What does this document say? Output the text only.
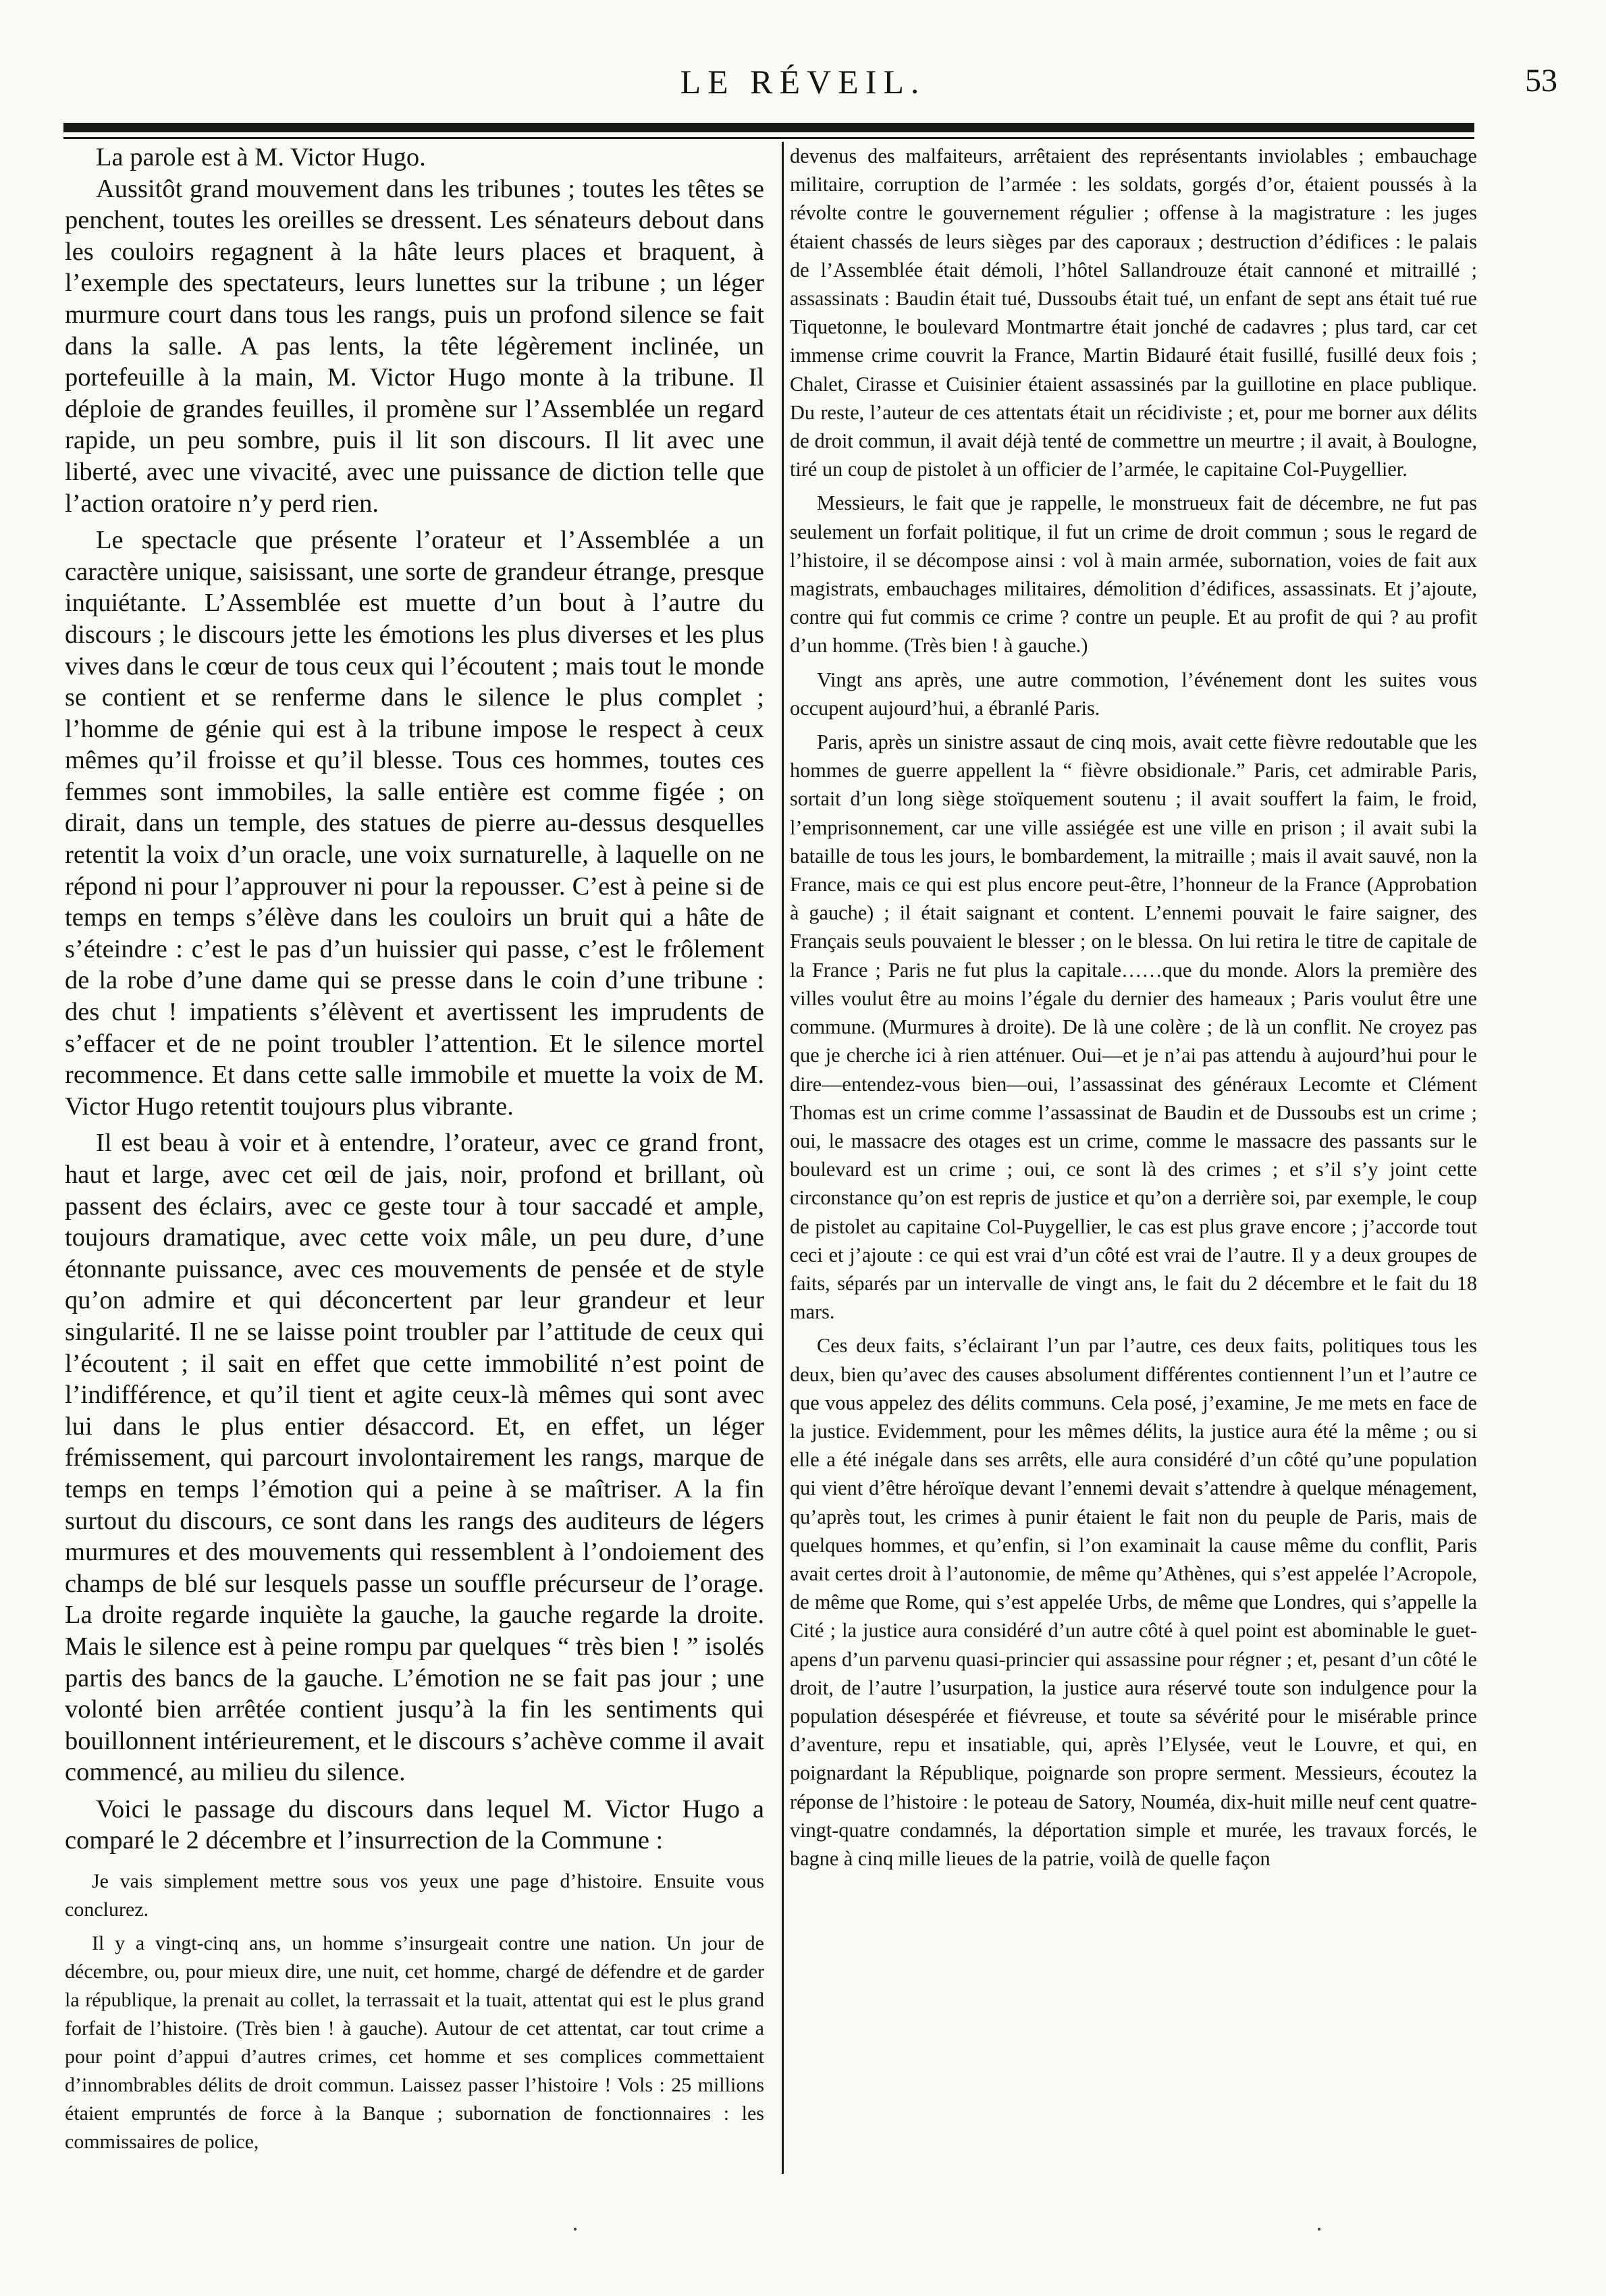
LE RÉVEIL.	53

La parole est à M. Victor Hugo.

Aussitôt grand mouvement dans les tribunes ; toutes les têtes se penchent, toutes les oreilles se dressent. Les sénateurs debout dans les couloirs regagnent à la hâte leurs places et braquent, à l’exemple des spectateurs, leurs lunettes sur la tribune ; un léger murmure court dans tous les rangs, puis un profond silence se fait dans la salle. A pas lents, la tête légèrement inclinée, un portefeuille à la main, M. Victor Hugo monte à la tribune. Il déploie de grandes feuilles, il promène sur l’Assemblée un regard rapide, un peu sombre, puis il lit son discours. Il lit avec une liberté, avec une vivacité, avec une puissance de diction telle que l’action oratoire n’y perd rien.

Le spectacle que présente l’orateur et l’Assemblée a un caractère unique, saisissant, une sorte de grandeur étrange, presque inquiétante. L’Assemblée est muette d’un bout à l’autre du discours ; le discours jette les émotions les plus diverses et les plus vives dans le cœur de tous ceux qui l’écoutent ; mais tout le monde se contient et se renferme dans le silence le plus complet ; l’homme de génie qui est à la tribune impose le respect à ceux mêmes qu’il froisse et qu’il blesse. Tous ces hommes, toutes ces femmes sont immobiles, la salle entière est comme figée ; on dirait, dans un temple, des statues de pierre au-dessus desquelles retentit la voix d’un oracle, une voix surnaturelle, à laquelle on ne répond ni pour l’approuver ni pour la repousser. C’est à peine si de temps en temps s’élève dans les couloirs un bruit qui a hâte de s’éteindre : c’est le pas d’un huissier qui passe, c’est le frôlement de la robe d’une dame qui se presse dans le coin d’une tribune : des chut ! impatients s’élèvent et avertissent les imprudents de s’effacer et de ne point troubler l’attention. Et le silence mortel recommence. Et dans cette salle immobile et muette la voix de M. Victor Hugo retentit toujours plus vibrante.

Il est beau à voir et à entendre, l’orateur, avec ce grand front, haut et large, avec cet œil de jais, noir, profond et brillant, où passent des éclairs, avec ce geste tour à tour saccadé et ample, toujours dramatique, avec cette voix mâle, un peu dure, d’une étonnante puissance, avec ces mouvements de pensée et de style qu’on admire et qui déconcertent par leur grandeur et leur singularité. Il ne se laisse point troubler par l’attitude de ceux qui l’écoutent ; il sait en effet que cette immobilité n’est point de l’indifférence, et qu’il tient et agite ceux-là mêmes qui sont avec lui dans le plus entier désaccord. Et, en effet, un léger frémissement, qui parcourt involontairement les rangs, marque de temps en temps l’émotion qui a peine à se maîtriser. A la fin surtout du discours, ce sont dans les rangs des auditeurs de légers murmures et des mouvements qui ressemblent à l’ondoiement des champs de blé sur lesquels passe un souffle précurseur de l’orage. La droite regarde inquiète la gauche, la gauche regarde la droite. Mais le silence est à peine rompu par quelques “ très bien ! ” isolés partis des bancs de la gauche. L’émotion ne se fait pas jour ; une volonté bien arrêtée contient jusqu’à la fin les sentiments qui bouillonnent intérieurement, et le discours s’achève comme il avait commencé, au milieu du silence.

Voici le passage du discours dans lequel M. Victor Hugo a comparé le 2 décembre et l’insurrection de la Commune :

Je vais simplement mettre sous vos yeux une page d’histoire. Ensuite vous conclurez.

Il y a vingt-cinq ans, un homme s’insurgeait contre une nation. Un jour de décembre, ou, pour mieux dire, une nuit, cet homme, chargé de défendre et de garder la république, la prenait au collet, la terrassait et la tuait, attentat qui est le plus grand forfait de l’histoire. (Très bien ! à gauche). Autour de cet attentat, car tout crime a pour point d’appui d’autres crimes, cet homme et ses complices commettaient d’innombrables délits de droit commun. Laissez passer l’histoire ! Vols : 25 millions étaient empruntés de force à la Banque ; subornation de fonctionnaires : les commissaires de police,

devenus des malfaiteurs, arrêtaient des représentants inviolables ; embauchage militaire, corruption de l’armée : les soldats, gorgés d’or, étaient poussés à la révolte contre le gouvernement régulier ; offense à la magistrature : les juges étaient chassés de leurs sièges par des caporaux ; destruction d’édifices : le palais de l’Assemblée était démoli, l’hôtel Sallandrouze était cannoné et mitraillé ; assassinats : Baudin était tué, Dussoubs était tué, un enfant de sept ans était tué rue Tiquetonne, le boulevard Montmartre était jonché de cadavres ; plus tard, car cet immense crime couvrit la France, Martin Bidauré était fusillé, fusillé deux fois ; Chalet, Cirasse et Cuisinier étaient assassinés par la guillotine en place publique. Du reste, l’auteur de ces attentats était un récidiviste ; et, pour me borner aux délits de droit commun, il avait déjà tenté de commettre un meurtre ; il avait, à Boulogne, tiré un coup de pistolet à un officier de l’armée, le capitaine Col-Puygellier.

Messieurs, le fait que je rappelle, le monstrueux fait de décembre, ne fut pas seulement un forfait politique, il fut un crime de droit commun ; sous le regard de l’histoire, il se décompose ainsi : vol à main armée, subornation, voies de fait aux magistrats, embauchages militaires, démolition d’édifices, assassinats. Et j’ajoute, contre qui fut commis ce crime ? contre un peuple. Et au profit de qui ? au profit d’un homme. (Très bien ! à gauche.)

Vingt ans après, une autre commotion, l’événement dont les suites vous occupent aujourd’hui, a ébranlé Paris.

Paris, après un sinistre assaut de cinq mois, avait cette fièvre redoutable que les hommes de guerre appellent la “ fièvre obsidionale.” Paris, cet admirable Paris, sortait d’un long siège stoïquement soutenu ; il avait souffert la faim, le froid, l’emprisonnement, car une ville assiégée est une ville en prison ; il avait subi la bataille de tous les jours, le bombardement, la mitraille ; mais il avait sauvé, non la France, mais ce qui est plus encore peut-être, l’honneur de la France (Approbation à gauche) ; il était saignant et content. L’ennemi pouvait le faire saigner, des Français seuls pouvaient le blesser ; on le blessa. On lui retira le titre de capitale de la France ; Paris ne fut plus la capitale……que du monde. Alors la première des villes voulut être au moins l’égale du dernier des hameaux ; Paris voulut être une commune. (Murmures à droite). De là une colère ; de là un conflit. Ne croyez pas que je cherche ici à rien atténuer. Oui—et je n’ai pas attendu à aujourd’hui pour le dire—entendez-vous bien—oui, l’assassinat des généraux Lecomte et Clément Thomas est un crime comme l’assassinat de Baudin et de Dussoubs est un crime ; oui, le massacre des otages est un crime, comme le massacre des passants sur le boulevard est un crime ; oui, ce sont là des crimes ; et s’il s’y joint cette circonstance qu’on est repris de justice et qu’on a derrière soi, par exemple, le coup de pistolet au capitaine Col-Puygellier, le cas est plus grave encore ; j’accorde tout ceci et j’ajoute : ce qui est vrai d’un côté est vrai de l’autre. Il y a deux groupes de faits, séparés par un intervalle de vingt ans, le fait du 2 décembre et le fait du 18 mars.

Ces deux faits, s’éclairant l’un par l’autre, ces deux faits, politiques tous les deux, bien qu’avec des causes absolument différentes contiennent l’un et l’autre ce que vous appelez des délits communs. Cela posé, j’examine, Je me mets en face de la justice. Evidemment, pour les mêmes délits, la justice aura été la même ; ou si elle a été inégale dans ses arrêts, elle aura considéré d’un côté qu’une population qui vient d’être héroïque devant l’ennemi devait s’attendre à quelque ménagement, qu’après tout, les crimes à punir étaient le fait non du peuple de Paris, mais de quelques hommes, et qu’enfin, si l’on examinait la cause même du conflit, Paris avait certes droit à l’autonomie, de même qu’Athènes, qui s’est appelée l’Acropole, de même que Rome, qui s’est appelée Urbs, de même que Londres, qui s’appelle la Cité ; la justice aura considéré d’un autre côté à quel point est abominable le guet-apens d’un parvenu quasi-princier qui assassine pour régner ; et, pesant d’un côté le droit, de l’autre l’usurpation, la justice aura réservé toute son indulgence pour la population désespérée et fiévreuse, et toute sa sévérité pour le misérable prince d’aventure, repu et insatiable, qui, après l’Elysée, veut le Louvre, et qui, en poignardant la République, poignarde son propre serment. Messieurs, écoutez la réponse de l’histoire : le poteau de Satory, Nouméa, dix-huit mille neuf cent quatre-vingt-quatre condamnés, la déportation simple et murée, les travaux forcés, le bagne à cinq mille lieues de la patrie, voilà de quelle façon
